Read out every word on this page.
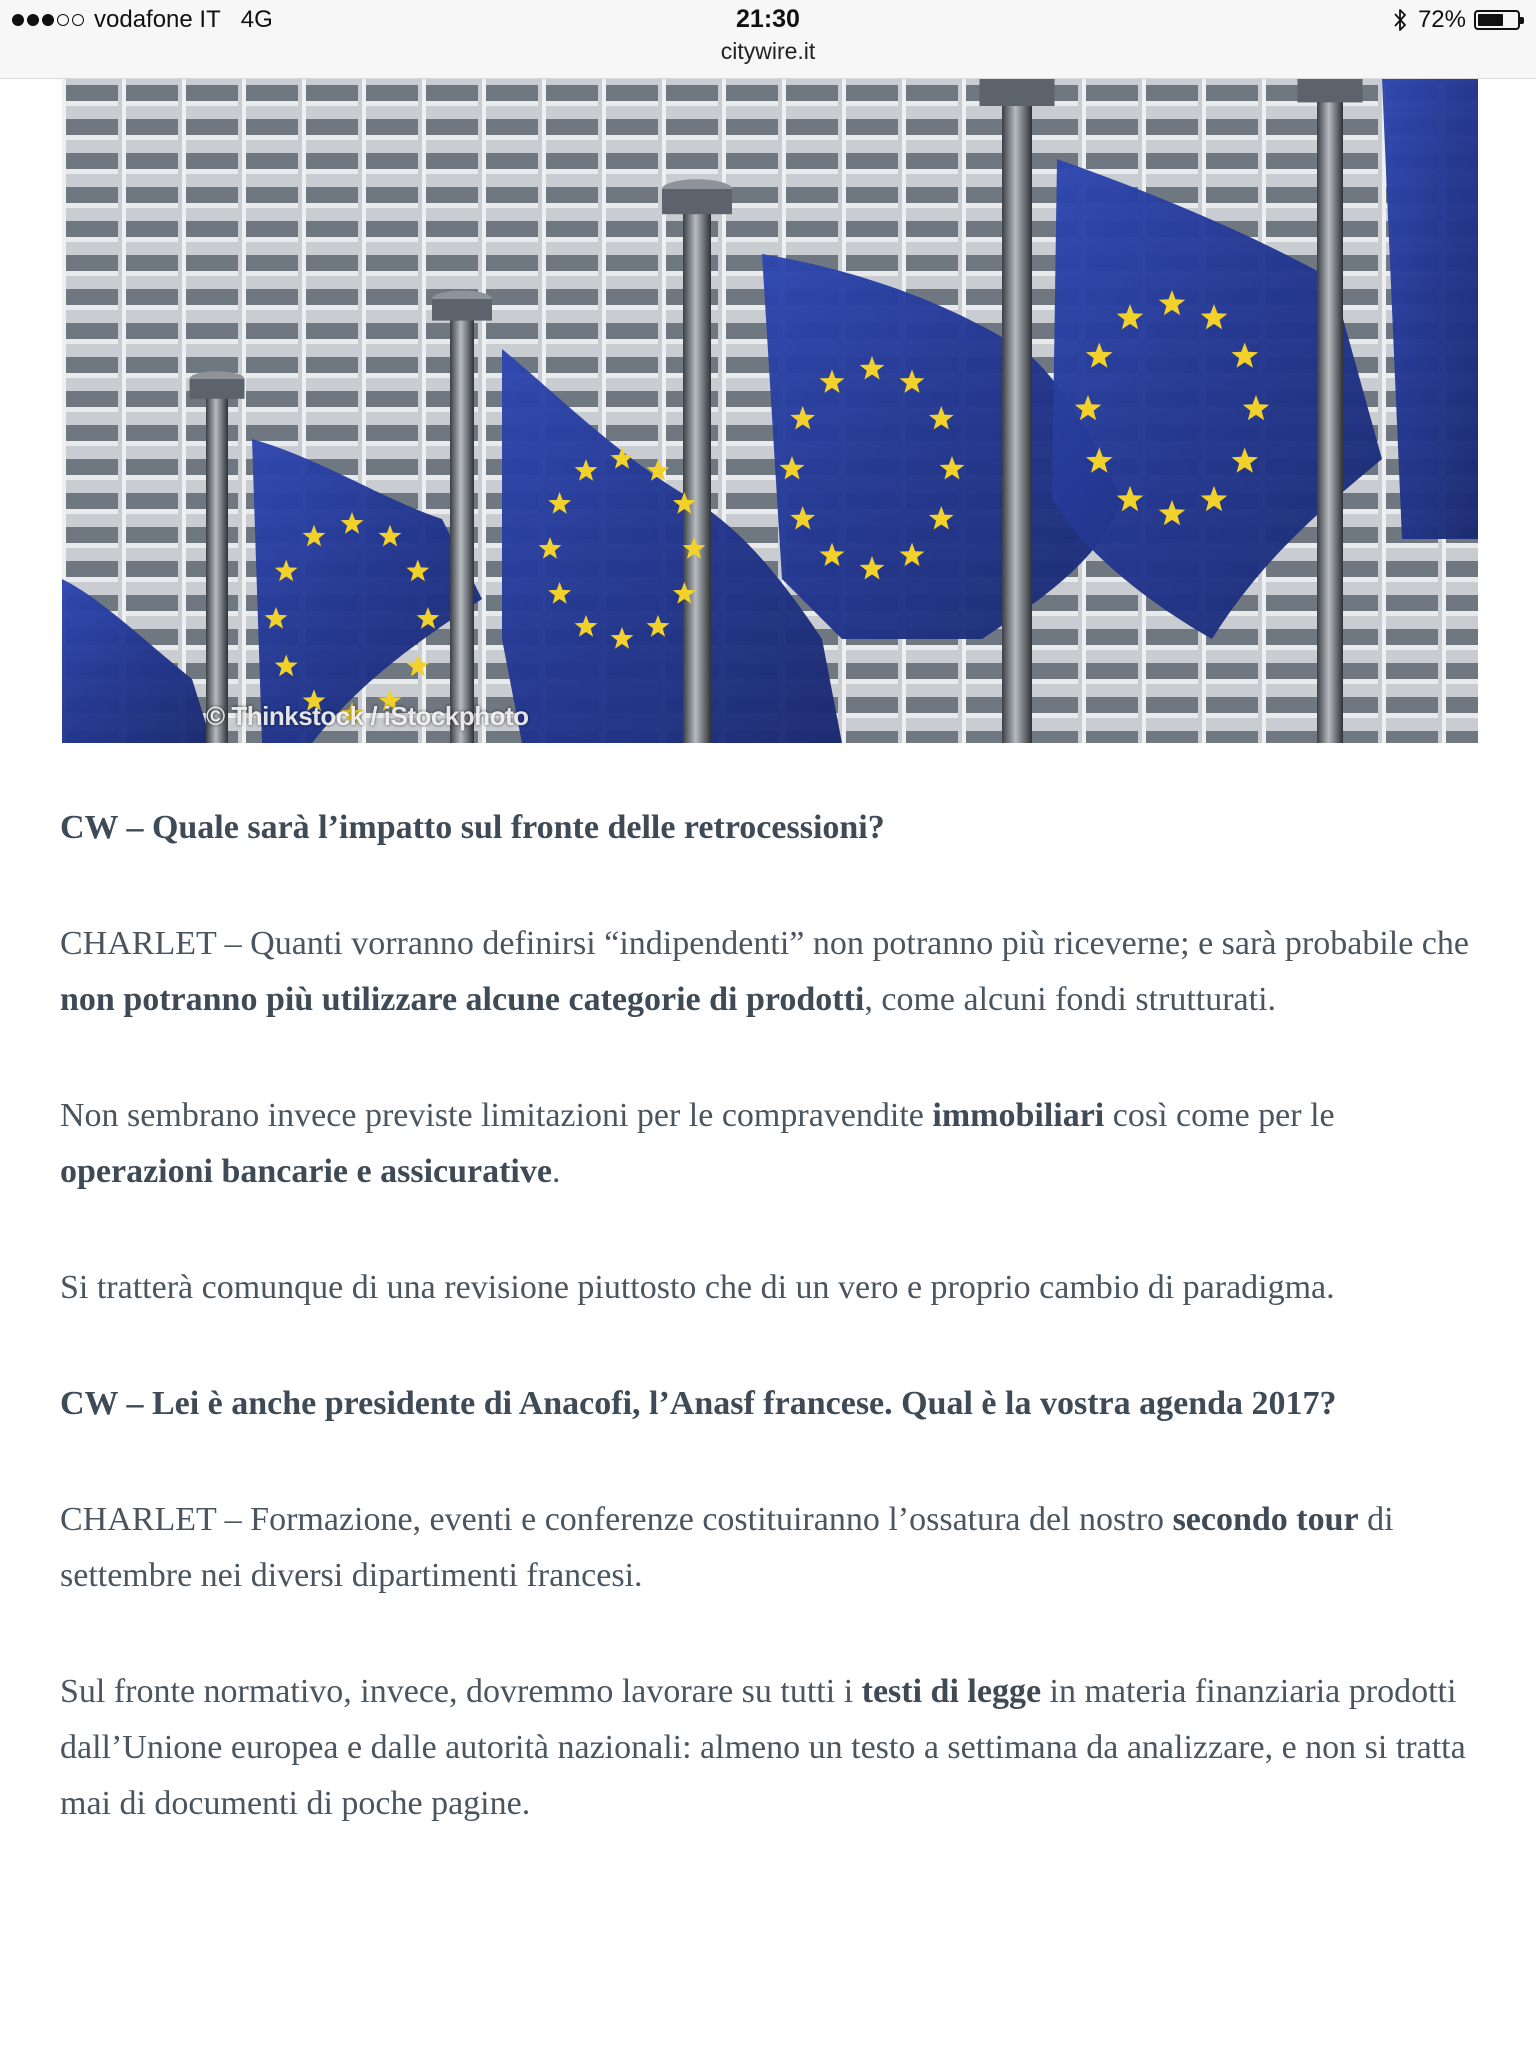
vodafone IT 4G	21:30
citywire.it
72%
© Thinkstock / iStockphoto

CW – Quale sarà l’impatto sul fronte delle retrocessioni?

CHARLET – Quanti vorranno definirsi “indipendenti” non potranno più riceverne; e sarà probabile che non potranno più utilizzare alcune categorie di prodotti, come alcuni fondi strutturati.

Non sembrano invece previste limitazioni per le compravendite immobiliari così come per le operazioni bancarie e assicurative.

Si tratterà comunque di una revisione piuttosto che di un vero e proprio cambio di paradigma.

CW – Lei è anche presidente di Anacofi, l’Anasf francese. Qual è la vostra agenda 2017?

CHARLET – Formazione, eventi e conferenze costituiranno l’ossatura del nostro secondo tour di settembre nei diversi dipartimenti francesi.

Sul fronte normativo, invece, dovremmo lavorare su tutti i testi di legge in materia finanziaria prodotti dall’Unione europea e dalle autorità nazionali: almeno un testo a settimana da analizzare, e non si tratta mai di documenti di poche pagine.
